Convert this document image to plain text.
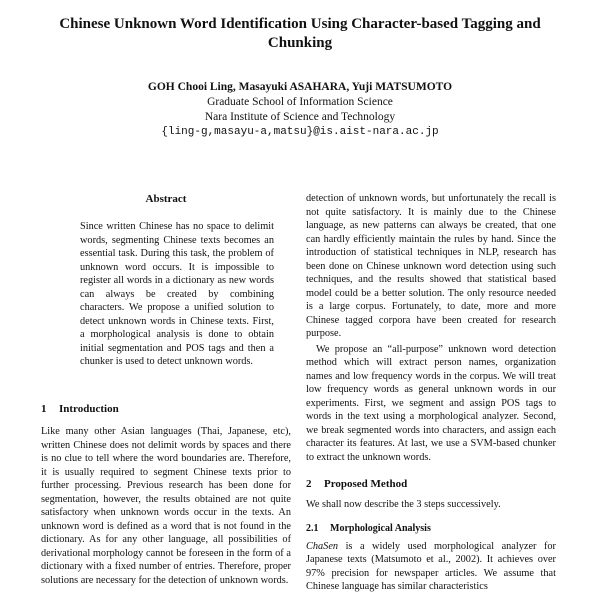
Chinese Unknown Word Identification Using Character-based Tagging and Chunking
GOH Chooi Ling, Masayuki ASAHARA, Yuji MATSUMOTO
Graduate School of Information Science
Nara Institute of Science and Technology
{ling-g,masayu-a,matsu}@is.aist-nara.ac.jp
Abstract

Since written Chinese has no space to delimit words, segmenting Chinese texts becomes an essential task. During this task, the problem of unknown word occurs. It is impossible to register all words in a dictionary as new words can always be created by combining characters. We propose a unified solution to detect unknown words in Chinese texts. First, a morphological analysis is done to obtain initial segmentation and POS tags and then a chunker is used to detect unknown words.

1 Introduction

Like many other Asian languages (Thai, Japanese, etc), written Chinese does not delimit words by spaces and there is no clue to tell where the word boundaries are. Therefore, it is usually required to segment Chinese texts prior to further processing. Previous research has been done for segmentation, however, the results obtained are not quite satisfactory when unknown words occur in the texts. An unknown word is defined as a word that is not found in the dictionary. As for any other language, all possibilities of derivational morphology cannot be foreseen in the form of a dictionary with a fixed number of entries. Therefore, proper solutions are necessary for the detection of unknown words.

detection of unknown words, but unfortunately the recall is not quite satisfactory. It is mainly due to the Chinese language, as new patterns can always be created, that one can hardly efficiently maintain the rules by hand. Since the introduction of statistical techniques in NLP, research has been done on Chinese unknown word detection using such techniques, and the results showed that statistical based model could be a better solution. The only resource needed is a large corpus. Fortunately, to date, more and more Chinese tagged corpora have been created for research purpose.

We propose an “all-purpose” unknown word detection method which will extract person names, organization names and low frequency words in the corpus. We will treat low frequency words as general unknown words in our experiments. First, we segment and assign POS tags to words in the text using a morphological analyzer. Second, we break segmented words into characters, and assign each character its features. At last, we use a SVM-based chunker to extract the unknown words.

2 Proposed Method

We shall now describe the 3 steps successively.

2.1 Morphological Analysis

ChaSen is a widely used morphological analyzer for Japanese texts (Matsumoto et al., 2002). It achieves over 97% precision for newspaper articles. We assume that Chinese language has similar characteristics
